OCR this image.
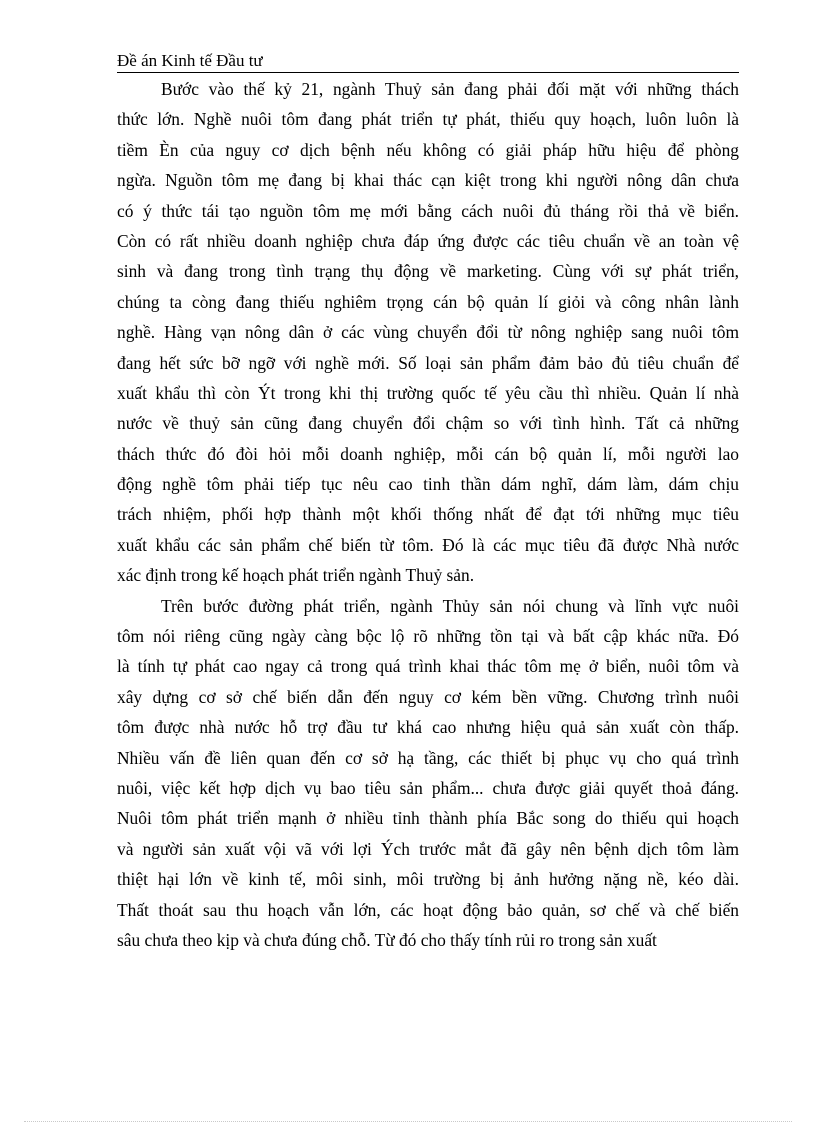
Đề án Kinh tế Đầu tư
Bước vào thế kỷ 21, ngành Thuỷ sản đang phải đối mặt với những thách
thức lớn. Nghề nuôi tôm đang phát triển tự phát, thiếu quy hoạch, luôn luôn là
tiềm Èn của nguy cơ dịch bệnh nếu không có giải pháp hữu hiệu để phòng
ngừa. Nguồn tôm mẹ đang bị khai thác cạn kiệt trong khi người nông dân chưa
có ý thức tái tạo nguồn tôm mẹ mới bằng cách nuôi đủ tháng rồi thả về biển.
Còn có rất nhiều doanh nghiệp chưa đáp ứng được các tiêu chuẩn về an toàn vệ
sinh và đang trong tình trạng thụ động về marketing. Cùng với sự phát triển,
chúng ta còng đang thiếu nghiêm trọng cán bộ quản lí giỏi và công nhân lành
nghề. Hàng vạn nông dân ở các vùng chuyển đổi từ nông nghiệp sang nuôi tôm
đang hết sức bỡ ngỡ với nghề mới. Số loại sản phẩm đảm bảo đủ tiêu chuẩn để
xuất khẩu thì còn Ýt trong khi thị trường quốc tế yêu cầu thì nhiều. Quản lí nhà
nước về thuỷ sản cũng đang chuyển đổi chậm so với tình hình. Tất cả những
thách thức đó đòi hỏi mỗi doanh nghiệp, mỗi cán bộ quản lí, mỗi người lao
động nghề tôm phải tiếp tục nêu cao tinh thần dám nghĩ, dám làm, dám chịu
trách nhiệm, phối hợp thành một khối thống nhất để đạt tới những mục tiêu
xuất khẩu các sản phẩm chế biến từ tôm. Đó là các mục tiêu đã được Nhà nước
xác định trong kế hoạch phát triển ngành Thuỷ sản.
Trên bước đường phát triển, ngành Thủy sản nói chung và lĩnh vực nuôi
tôm nói riêng cũng ngày càng bộc lộ rõ những tồn tại và bất cập khác nữa. Đó
là tính tự phát cao ngay cả trong quá trình khai thác tôm mẹ ở biển, nuôi tôm và
xây dựng cơ sở chế biến dẫn đến nguy cơ kém bền vững. Chương trình nuôi
tôm được nhà nước hỗ trợ đầu tư khá cao nhưng hiệu quả sản xuất còn thấp.
Nhiều vấn đề liên quan đến cơ sở hạ tầng, các thiết bị phục vụ cho quá trình
nuôi, việc kết hợp dịch vụ bao tiêu sản phẩm... chưa được giải quyết thoả đáng.
Nuôi tôm phát triển mạnh ở nhiều tỉnh thành phía Bắc song do thiếu qui hoạch
và người sản xuất vội vã với lợi Ých trước mắt đã gây nên bệnh dịch tôm làm
thiệt hại lớn về kinh tế, môi sinh, môi trường bị ảnh hưởng nặng nề, kéo dài.
Thất thoát sau thu hoạch vẫn lớn, các hoạt động bảo quản, sơ chế và chế biến
sâu chưa theo kịp và chưa đúng chỗ. Từ đó cho thấy tính rủi ro trong sản xuất
